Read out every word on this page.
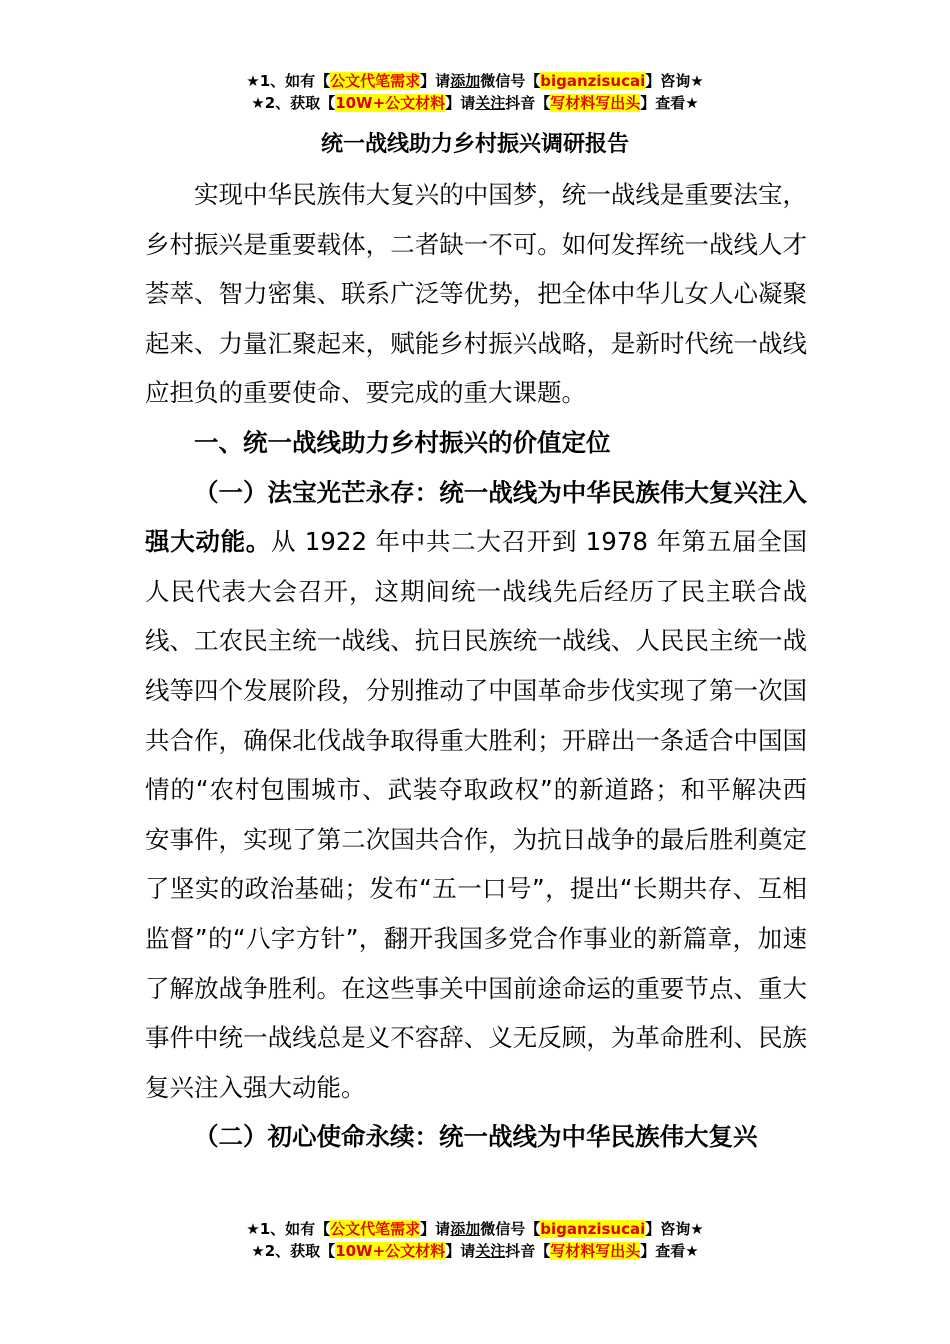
★1、如有【公文代笔需求】请添加微信号【biganzisucai】咨询★
★2、获取【10W+公文材料】请关注抖音【写材料写出头】查看★
统一战线助力乡村振兴调研报告

实现中华民族伟大复兴的中国梦，统一战线是重要法宝，乡村振兴是重要载体，二者缺一不可。如何发挥统一战线人才荟萃、智力密集、联系广泛等优势，把全体中华儿女人心凝聚起来、力量汇聚起来，赋能乡村振兴战略，是新时代统一战线应担负的重要使命、要完成的重大课题。

一、统一战线助力乡村振兴的价值定位

（一）法宝光芒永存：统一战线为中华民族伟大复兴注入强大动能。从 1922 年中共二大召开到 1978 年第五届全国人民代表大会召开，这期间统一战线先后经历了民主联合战线、工农民主统一战线、抗日民族统一战线、人民民主统一战线等四个发展阶段，分别推动了中国革命步伐实现了第一次国共合作，确保北伐战争取得重大胜利；开辟出一条适合中国国情的“农村包围城市、武装夺取政权”的新道路；和平解决西安事件，实现了第二次国共合作，为抗日战争的最后胜利奠定了坚实的政治基础；发布“五一口号”，提出“长期共存、互相监督”的“八字方针”，翻开我国多党合作事业的新篇章，加速了解放战争胜利。在这些事关中国前途命运的重要节点、重大事件中统一战线总是义不容辞、义无反顾，为革命胜利、民族复兴注入强大动能。

（二）初心使命永续：统一战线为中华民族伟大复兴

★1、如有【公文代笔需求】请添加微信号【biganzisucai】咨询★
★2、获取【10W+公文材料】请关注抖音【写材料写出头】查看★
